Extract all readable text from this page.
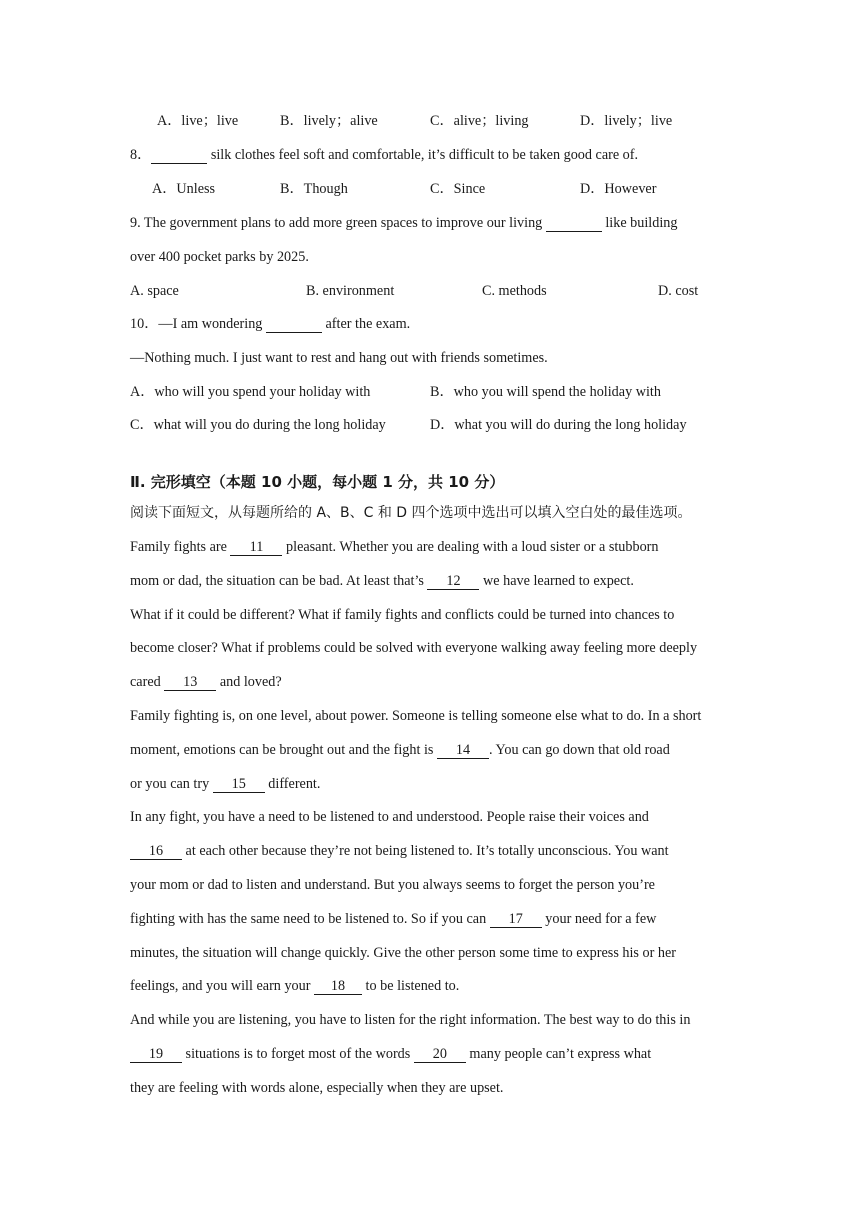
A．live；live	B．lively；alive	C．alive；living	D．lively；live
8．	silk clothes feel soft and comfortable, it’s difficult to be taken good care of.
A．Unless	B．Though	C．Since	D．However
9. The government plans to add more green spaces to improve our living	like building
over 400 pocket parks by 2025.
A. space	B. environment	C. methods	D. cost
10．—I am wondering	after the exam.
—Nothing much. I just want to rest and hang out with friends sometimes.
A．who will you spend your holiday with	B．who you will spend the holiday with
C．what will you do during the long holiday	D．what you will do during the long holiday
Ⅱ. 完形填空（本题 10 小题，每小题 1 分，共 10 分）
阅读下面短文，从每题所给的 A、B、C 和 D 四个选项中选出可以填入空白处的最佳选项。
Family fights are 11 pleasant. Whether you are dealing with a loud sister or a stubborn
mom or dad, the situation can be bad. At least that’s 12 we have learned to expect.
What if it could be different? What if family fights and conflicts could be turned into chances to
become closer? What if problems could be solved with everyone walking away feeling more deeply
cared 13 and loved?
Family fighting is, on one level, about power. Someone is telling someone else what to do. In a short
moment, emotions can be brought out and the fight is 14 . You can go down that old road
or you can try 15 different.
In any fight, you have a need to be listened to and understood. People raise their voices and
16 at each other because they’re not being listened to. It’s totally unconscious. You want
your mom or dad to listen and understand. But you always seems to forget the person you’re
fighting with has the same need to be listened to. So if you can 17 your need for a few
minutes, the situation will change quickly. Give the other person some time to express his or her
feelings, and you will earn your 18 to be listened to.
And while you are listening, you have to listen for the right information. The best way to do this in
19 situations is to forget most of the words 20 many people can’t express what
they are feeling with words alone, especially when they are upset.
